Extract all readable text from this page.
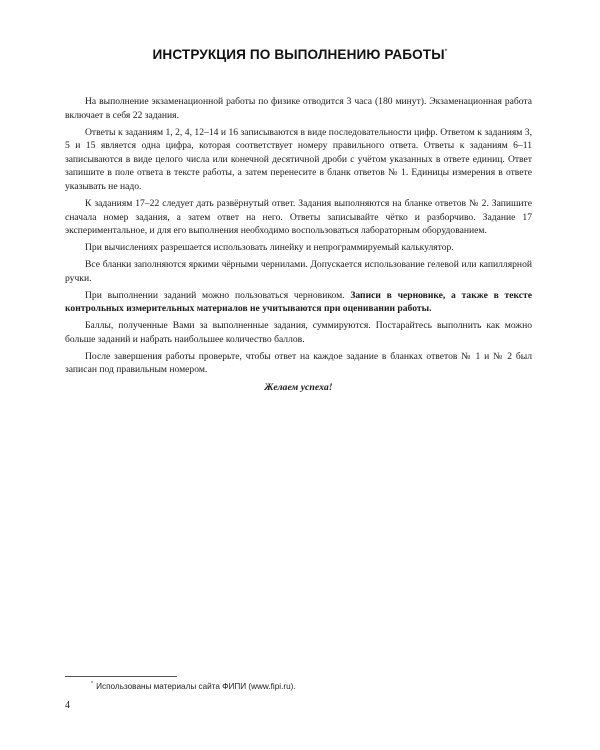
ИНСТРУКЦИЯ ПО ВЫПОЛНЕНИЮ РАБОТЫ*

На выполнение экзаменационной работы по физике отводится 3 часа (180 минут). Экзаменационная работа включает в себя 22 задания.

Ответы к заданиям 1, 2, 4, 12–14 и 16 записываются в виде последовательности цифр. Ответом к заданиям 3, 5 и 15 является одна цифра, которая соответствует номеру правильного ответа. Ответы к заданиям 6–11 записываются в виде целого числа или конечной десятичной дроби с учётом указанных в ответе единиц. Ответ запишите в поле ответа в тексте работы, а затем перенесите в бланк ответов № 1. Единицы измерения в ответе указывать не надо.

К заданиям 17–22 следует дать развёрнутый ответ. Задания выполняются на бланке ответов № 2. Запишите сначала номер задания, а затем ответ на него. Ответы записывайте чётко и разборчиво. Задание 17 экспериментальное, и для его выполнения необходимо воспользоваться лабораторным оборудованием.

При вычислениях разрешается использовать линейку и непрограммируемый калькулятор.

Все бланки заполняются яркими чёрными чернилами. Допускается использование гелевой или капиллярной ручки.

При выполнении заданий можно пользоваться черновиком. Записи в черновике, а также в тексте контрольных измерительных материалов не учитываются при оценивании работы.

Баллы, полученные Вами за выполненные задания, суммируются. Постарайтесь выполнить как можно больше заданий и набрать наибольшее количество баллов.

После завершения работы проверьте, чтобы ответ на каждое задание в бланках ответов № 1 и № 2 был записан под правильным номером.

Желаем успеха!
* Использованы материалы сайта ФИПИ (www.fipi.ru).
4
